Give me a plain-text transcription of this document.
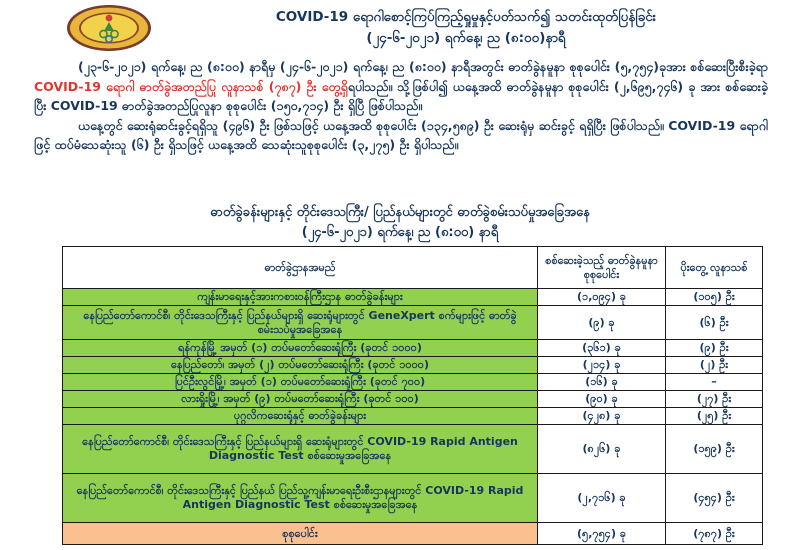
COVID-19 ရောဂါစောင့်ကြပ်ကြည့်ရှုမှုနှင့်ပတ်သက်၍ သတင်းထုတ်ပြန်ခြင်း
(၂၄-၆-၂၀၂၁) ရက်နေ့၊ ည (၈:၀၀)နာရီ

(၂၃-၆-၂၀၂၁) ရက်နေ့၊ ည (၈:၀၀) နာရီမှ (၂၄-၆-၂၀၂၁) ရက်နေ့၊ ည (၈:၀၀) နာရီအတွင်း ဓာတ်ခွဲနမူနာ စုစုပေါင်း (၅,၇၅၄)ခုအား စစ်ဆေးပြီးစီးခဲ့ရာ COVID-19 ရောဂါ ဓာတ်ခွဲအတည်ပြု လူနာသစ် (၇၈၇) ဦး တွေ့ရှိရပါသည်။ သို့ဖြစ်ပါ၍ ယနေ့အထိ ဓာတ်ခွဲနမူနာ စုစုပေါင်း (၂,၆၉၅,၇၄၆) ခု အား စစ်ဆေးခဲ့ပြီး COVID-19 ဓာတ်ခွဲအတည်ပြုလူနာ စုစုပေါင်း (၁၅၀,၇၁၄) ဦး ရှိပြီ ဖြစ်ပါသည်။

ယနေ့တွင် ဆေးရုံဆင်းခွင့်ရရှိသူ (၄၉၆) ဦး ဖြစ်သဖြင့် ယနေ့အထိ စုစုပေါင်း (၁၃၄,၅၈၉) ဦး ဆေးရုံမှ ဆင်းခွင့် ရရှိပြီး ဖြစ်ပါသည်။ COVID-19 ရောဂါဖြင့် ထပ်မံသေဆုံးသူ (၆) ဦး ရှိသဖြင့် ယနေ့အထိ သေဆုံးသူစုစုပေါင်း (၃,၂၇၅) ဦး ရှိပါသည်။

ဓာတ်ခွဲခန်းများနှင့် တိုင်းဒေသကြီး/ ပြည်နယ်များတွင် ဓာတ်ခွဲစမ်းသပ်မှုအခြေအနေ
(၂၄-၆-၂၀၂၁) ရက်နေ့၊ ည (၈:၀၀) နာရီ
ဓာတ်ခွဲဌာနအမည်	စစ်ဆေးခဲ့သည့် ဓာတ်ခွဲနမူနာ စုစုပေါင်း	ပိုးတွေ့ လူနာသစ်
ကျန်းမာရေးနှင့်အားကစားဝန်ကြီးဌာန ဓာတ်ခွဲခန်းများ	(၁,၀၉၄) ခု	(၁၀၅) ဦး
နေပြည်တော်ကောင်စီ၊ တိုင်းဒေသကြီးနှင့် ပြည်နယ်များရှိ ဆေးရုံများတွင် GeneXpert စက်များဖြင့် ဓာတ်ခွဲစမ်းသပ်မှုအခြေအနေ	(၉) ခု	(၆) ဦး
ရန်ကုန်မြို့ အမှတ် (၁) တပ်မတော်ဆေးရုံကြီး (ခုတင် ၁၀၀၀)	(၃၆၁) ခု	(၉) ဦး
နေပြည်တော်၊ အမှတ် (၂) တပ်မတော်ဆေးရုံကြီး (ခုတင် ၁၀၀၀)	(၂၁၄) ခု	(၂) ဦး
ပြင်ဦးလွင်မြို့၊ အမှတ် (၁) တပ်မတော်ဆေးရုံကြီး (ခုတင် ၇၀၀)	(၁၆) ခု	–
လားရှိုးမြို့၊ အမှတ် (၉) တပ်မတော်ဆေးရုံကြီး (ခုတင် ၁၀၀)	(၉၀) ခု	(၂၇) ဦး
ပုဂ္ဂလိကဆေးရုံနှင့် ဓာတ်ခွဲခန်းများ	(၄၂၈) ခု	(၂၅) ဦး
နေပြည်တော်ကောင်စီ၊ တိုင်းဒေသကြီးနှင့် ပြည်နယ်များရှိ ဆေးရုံများတွင် COVID-19 Rapid Antigen Diagnostic Test စစ်ဆေးမှုအခြေအနေ	(၈၂၆) ခု	(၁၅၉) ဦး
နေပြည်တော်ကောင်စီ၊ တိုင်းဒေသကြီးနှင့် ပြည်နယ် ပြည်သူ့ကျန်းမာရေးဦးစီးဌာနများတွင် COVID-19 Rapid Antigen Diagnostic Test စစ်ဆေးမှုအခြေအနေ	(၂,၇၁၆) ခု	(၄၅၄) ဦး
စုစုပေါင်း	(၅,၇၅၄) ခု	(၇၈၇) ဦး
